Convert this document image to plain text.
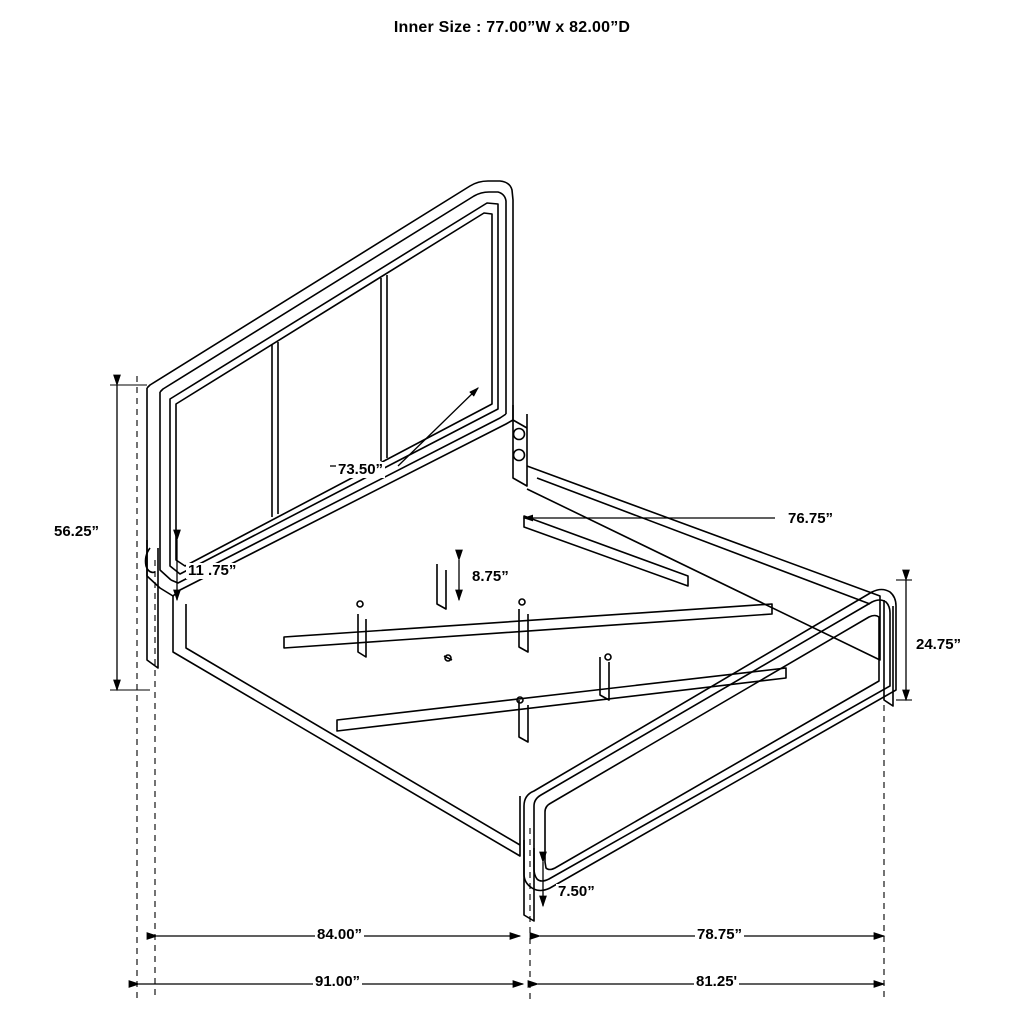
Inner Size : 77.00”W x 82.00”D
56.25”
73.50”
76.75”
11 .75”	8.75”
24.75”
7.50”
84.00”	78.75”
91.00”	81.25'
